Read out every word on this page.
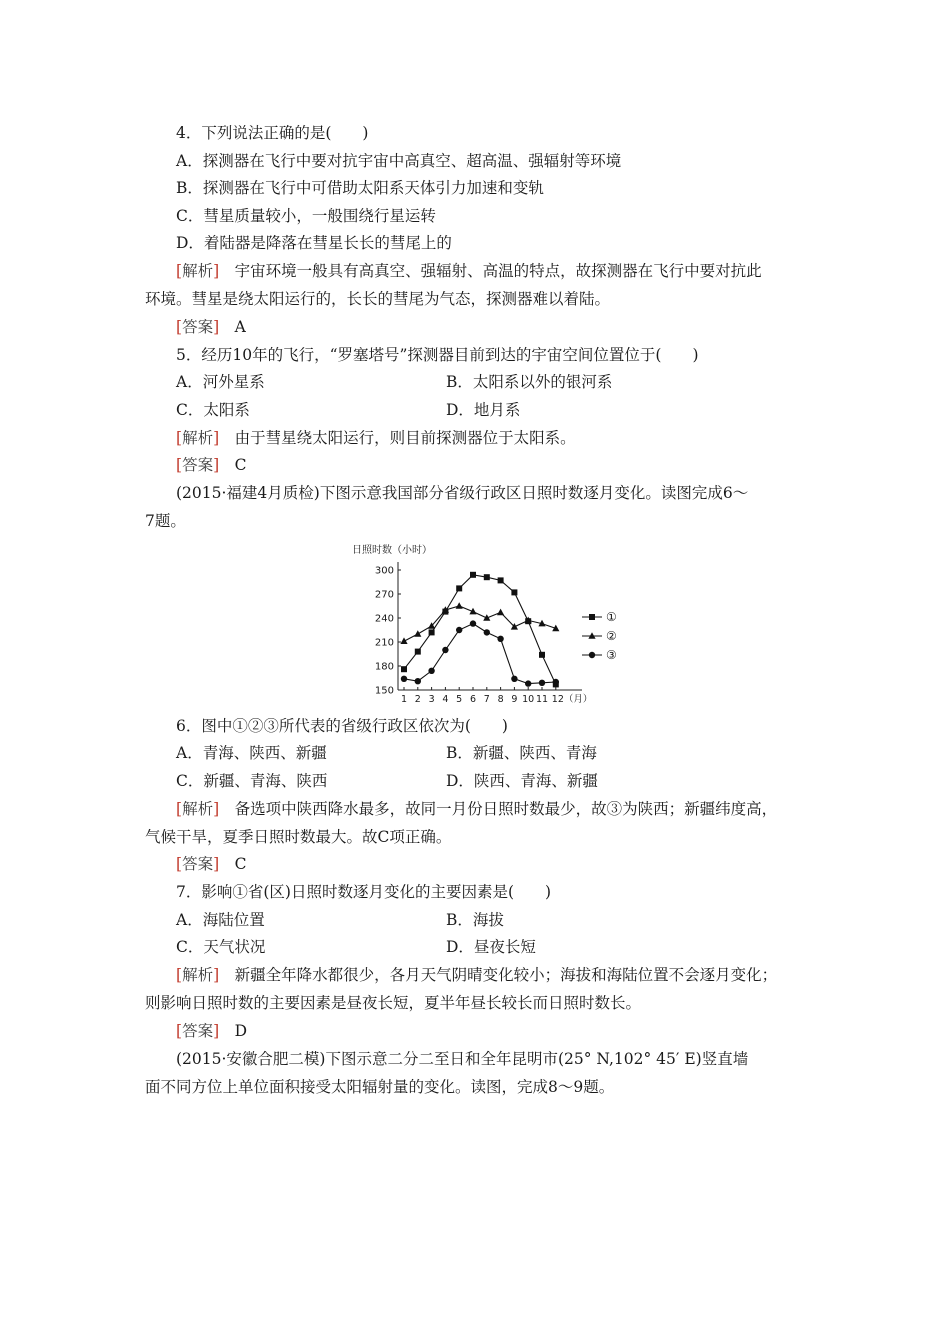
4．下列说法正确的是(　　)
A．探测器在飞行中要对抗宇宙中高真空、超高温、强辐射等环境
B．探测器在飞行中可借助太阳系天体引力加速和变轨
C．彗星质量较小，一般围绕行星运转
D．着陆器是降落在彗星长长的彗尾上的
[解析]　宇宙环境一般具有高真空、强辐射、高温的特点，故探测器在飞行中要对抗此
环境。彗星是绕太阳运行的，长长的彗尾为气态，探测器难以着陆。
[答案]　A
5．经历10年的飞行，“罗塞塔号”探测器目前到达的宇宙空间位置位于(　　)
A．河外星系	B．太阳系以外的银河系
C．太阳系	D．地月系
[解析]　由于彗星绕太阳运行，则目前探测器位于太阳系。
[答案]　C
(2015·福建4月质检)下图示意我国部分省级行政区日照时数逐月变化。读图完成6～
7题。
日照时数（小时）
150
180
210
240
270
300
1 2 3 4 5 6 7 8 9 10 11 12（月）
①
②
③
6．图中①②③所代表的省级行政区依次为(　　)
A．青海、陕西、新疆	B．新疆、陕西、青海
C．新疆、青海、陕西	D．陕西、青海、新疆
[解析]　备选项中陕西降水最多，故同一月份日照时数最少，故③为陕西；新疆纬度高，
气候干旱，夏季日照时数最大。故C项正确。
[答案]　C
7．影响①省(区)日照时数逐月变化的主要因素是(　　)
A．海陆位置	B．海拔
C．天气状况	D．昼夜长短
[解析]　新疆全年降水都很少，各月天气阴晴变化较小；海拔和海陆位置不会逐月变化；
则影响日照时数的主要因素是昼夜长短，夏半年昼长较长而日照时数长。
[答案]　D
(2015·安徽合肥二模)下图示意二分二至日和全年昆明市(25° N,102° 45′ E)竖直墙
面不同方位上单位面积接受太阳辐射量的变化。读图，完成8～9题。
